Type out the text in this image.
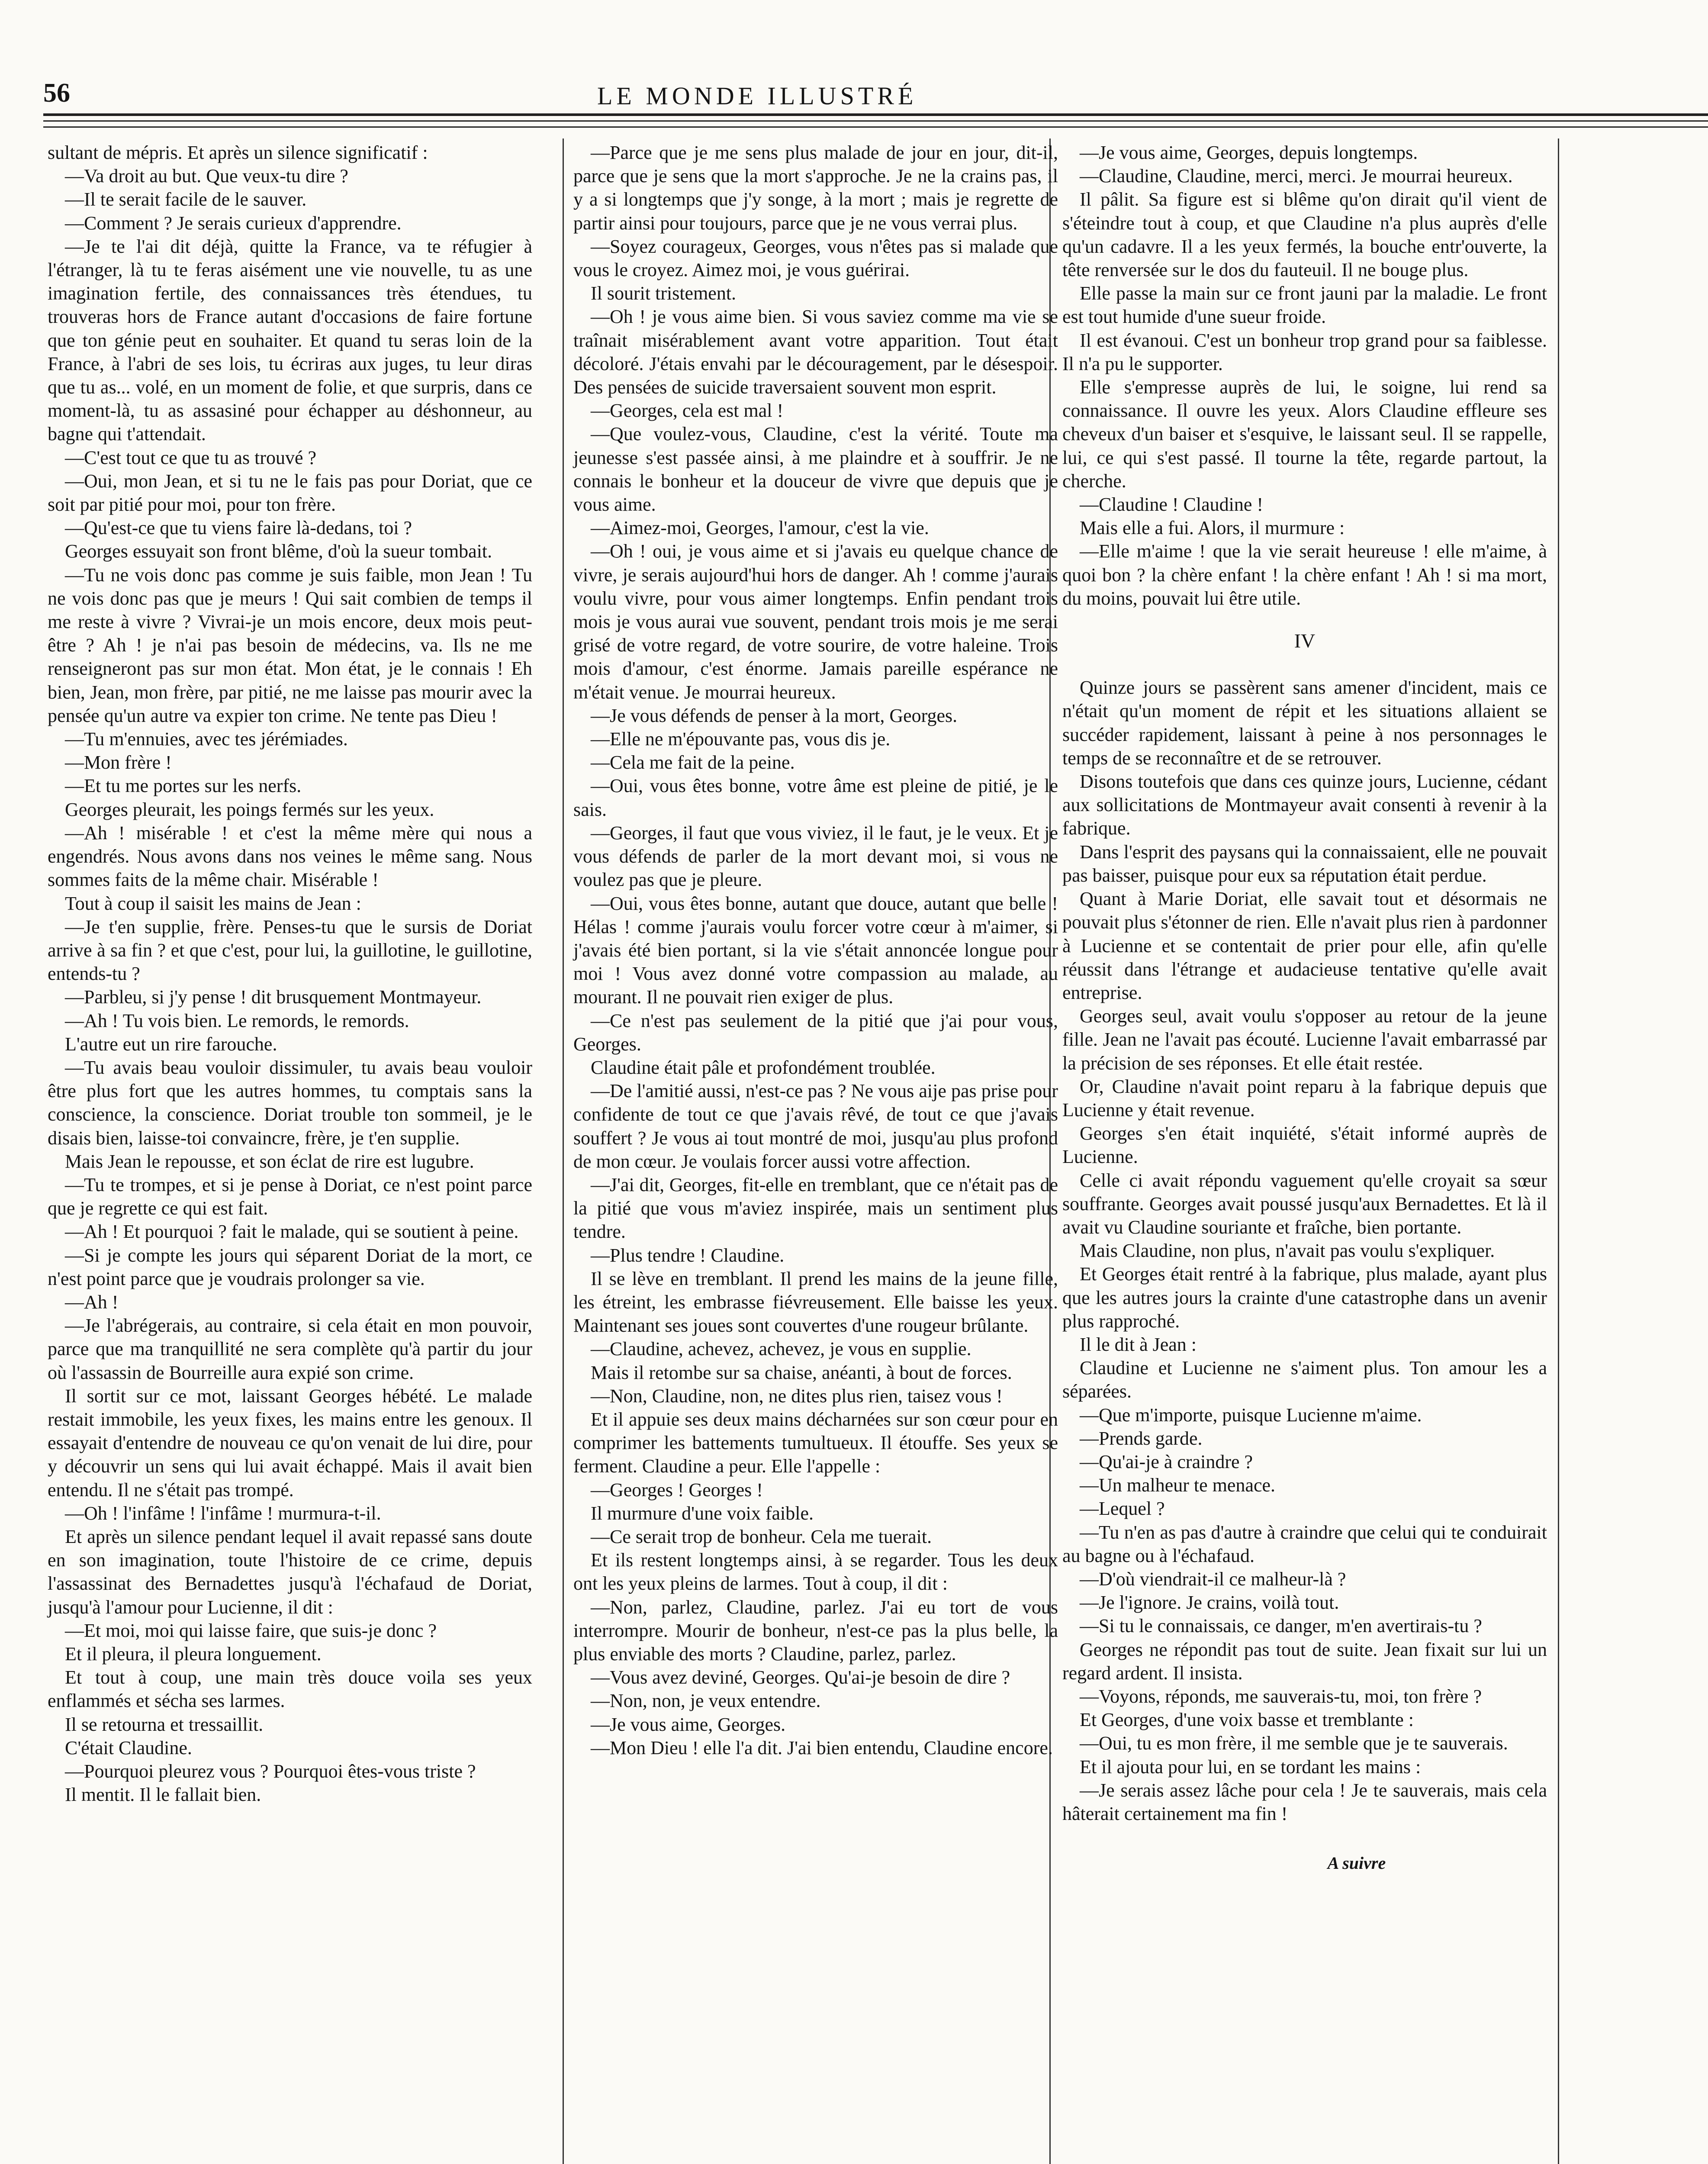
56	LE MONDE ILLUSTRÉ

sultant de mépris. Et après un silence significatif :

—Va droit au but. Que veux-tu dire ?

—Il te serait facile de le sauver.

—Comment ? Je serais curieux d'apprendre.

—Je te l'ai dit déjà, quitte la France, va te réfugier à l'étranger, là tu te feras aisément une vie nouvelle, tu as une imagination fertile, des connaissances très étendues, tu trouveras hors de France autant d'occasions de faire fortune que ton génie peut en souhaiter. Et quand tu seras loin de la France, à l'abri de ses lois, tu écriras aux juges, tu leur diras que tu as... volé, en un moment de folie, et que surpris, dans ce moment-là, tu as assasiné pour échapper au déshonneur, au bagne qui t'attendait.

—C'est tout ce que tu as trouvé ?

—Oui, mon Jean, et si tu ne le fais pas pour Doriat, que ce soit par pitié pour moi, pour ton frère.

—Qu'est-ce que tu viens faire là-dedans, toi ?

Georges essuyait son front blême, d'où la sueur tombait.

—Tu ne vois donc pas comme je suis faible, mon Jean ! Tu ne vois donc pas que je meurs ! Qui sait combien de temps il me reste à vivre ? Vivrai-je un mois encore, deux mois peut-être ? Ah ! je n'ai pas besoin de médecins, va. Ils ne me renseigneront pas sur mon état. Mon état, je le connais ! Eh bien, Jean, mon frère, par pitié, ne me laisse pas mourir avec la pensée qu'un autre va expier ton crime. Ne tente pas Dieu !

—Tu m'ennuies, avec tes jérémiades.

—Mon frère !

—Et tu me portes sur les nerfs.

Georges pleurait, les poings fermés sur les yeux.

—Ah ! misérable ! et c'est la même mère qui nous a engendrés. Nous avons dans nos veines le même sang. Nous sommes faits de la même chair. Misérable !

Tout à coup il saisit les mains de Jean :

—Je t'en supplie, frère. Penses-tu que le sursis de Doriat arrive à sa fin ? et que c'est, pour lui, la guillotine, le guillotine, entends-tu ?

—Parbleu, si j'y pense ! dit brusquement Montmayeur.

—Ah ! Tu vois bien. Le remords, le remords.

L'autre eut un rire farouche.

—Tu avais beau vouloir dissimuler, tu avais beau vouloir être plus fort que les autres hommes, tu comptais sans la conscience, la conscience. Doriat trouble ton sommeil, je le disais bien, laisse-toi convaincre, frère, je t'en supplie.

Mais Jean le repousse, et son éclat de rire est lugubre.

—Tu te trompes, et si je pense à Doriat, ce n'est point parce que je regrette ce qui est fait.

—Ah ! Et pourquoi ? fait le malade, qui se soutient à peine.

—Si je compte les jours qui séparent Doriat de la mort, ce n'est point parce que je voudrais prolonger sa vie.

—Ah !

—Je l'abrégerais, au contraire, si cela était en mon pouvoir, parce que ma tranquillité ne sera complète qu'à partir du jour où l'assassin de Bourreille aura expié son crime.

Il sortit sur ce mot, laissant Georges hébété. Le malade restait immobile, les yeux fixes, les mains entre les genoux. Il essayait d'entendre de nouveau ce qu'on venait de lui dire, pour y découvrir un sens qui lui avait échappé. Mais il avait bien entendu. Il ne s'était pas trompé.

—Oh ! l'infâme ! l'infâme ! murmura-t-il.

Et après un silence pendant lequel il avait repassé sans doute en son imagination, toute l'histoire de ce crime, depuis l'assassinat des Bernadettes jusqu'à l'échafaud de Doriat, jusqu'à l'amour pour Lucienne, il dit :

—Et moi, moi qui laisse faire, que suis-je donc ?

Et il pleura, il pleura longuement.

Et tout à coup, une main très douce voila ses yeux enflammés et sécha ses larmes.

Il se retourna et tressaillit.

C'était Claudine.

—Pourquoi pleurez vous ? Pourquoi êtes-vous triste ?

Il mentit. Il le fallait bien.

—Parce que je me sens plus malade de jour en jour, dit-il, parce que je sens que la mort s'approche. Je ne la crains pas, il y a si longtemps que j'y songe, à la mort ; mais je regrette de partir ainsi pour toujours, parce que je ne vous verrai plus.

—Soyez courageux, Georges, vous n'êtes pas si malade que vous le croyez. Aimez moi, je vous guérirai.

Il sourit tristement.

—Oh ! je vous aime bien. Si vous saviez comme ma vie se traînait misérablement avant votre apparition. Tout était décoloré. J'étais envahi par le découragement, par le désespoir. Des pensées de suicide traversaient souvent mon esprit.

—Georges, cela est mal !

—Que voulez-vous, Claudine, c'est la vérité. Toute ma jeunesse s'est passée ainsi, à me plaindre et à souffrir. Je ne connais le bonheur et la douceur de vivre que depuis que je vous aime.

—Aimez-moi, Georges, l'amour, c'est la vie.

—Oh ! oui, je vous aime et si j'avais eu quelque chance de vivre, je serais aujourd'hui hors de danger. Ah ! comme j'aurais voulu vivre, pour vous aimer longtemps. Enfin pendant trois mois je vous aurai vue souvent, pendant trois mois je me serai grisé de votre regard, de votre sourire, de votre haleine. Trois mois d'amour, c'est énorme. Jamais pareille espérance ne m'était venue. Je mourrai heureux.

—Je vous défends de penser à la mort, Georges.

—Elle ne m'épouvante pas, vous dis je.

—Cela me fait de la peine.

—Oui, vous êtes bonne, votre âme est pleine de pitié, je le sais.

—Georges, il faut que vous viviez, il le faut, je le veux. Et je vous défends de parler de la mort devant moi, si vous ne voulez pas que je pleure.

—Oui, vous êtes bonne, autant que douce, autant que belle ! Hélas ! comme j'aurais voulu forcer votre cœur à m'aimer, si j'avais été bien portant, si la vie s'était annoncée longue pour moi ! Vous avez donné votre compassion au malade, au mourant. Il ne pouvait rien exiger de plus.

—Ce n'est pas seulement de la pitié que j'ai pour vous, Georges.

Claudine était pâle et profondément troublée.

—De l'amitié aussi, n'est-ce pas ? Ne vous aije pas prise pour confidente de tout ce que j'avais rêvé, de tout ce que j'avais souffert ? Je vous ai tout montré de moi, jusqu'au plus profond de mon cœur. Je voulais forcer aussi votre affection.

—J'ai dit, Georges, fit-elle en tremblant, que ce n'était pas de la pitié que vous m'aviez inspirée, mais un sentiment plus tendre.

—Plus tendre ! Claudine.

Il se lève en tremblant. Il prend les mains de la jeune fille, les étreint, les embrasse fiévreusement. Elle baisse les yeux. Maintenant ses joues sont couvertes d'une rougeur brûlante.

—Claudine, achevez, achevez, je vous en supplie.

Mais il retombe sur sa chaise, anéanti, à bout de forces.

—Non, Claudine, non, ne dites plus rien, taisez vous !

Et il appuie ses deux mains décharnées sur son cœur pour en comprimer les battements tumultueux. Il étouffe. Ses yeux se ferment. Claudine a peur. Elle l'appelle :

—Georges ! Georges !

Il murmure d'une voix faible.

—Ce serait trop de bonheur. Cela me tuerait.

Et ils restent longtemps ainsi, à se regarder. Tous les deux ont les yeux pleins de larmes. Tout à coup, il dit :

—Non, parlez, Claudine, parlez. J'ai eu tort de vous interrompre. Mourir de bonheur, n'est-ce pas la plus belle, la plus enviable des morts ? Claudine, parlez, parlez.

—Vous avez deviné, Georges. Qu'ai-je besoin de dire ?

—Non, non, je veux entendre.

—Je vous aime, Georges.

—Mon Dieu ! elle l'a dit. J'ai bien entendu, Claudine encore.

—Je vous aime, Georges, depuis longtemps.

—Claudine, Claudine, merci, merci. Je mourrai heureux.

Il pâlit. Sa figure est si blême qu'on dirait qu'il vient de s'éteindre tout à coup, et que Claudine n'a plus auprès d'elle qu'un cadavre. Il a les yeux fermés, la bouche entr'ouverte, la tête renversée sur le dos du fauteuil. Il ne bouge plus.

Elle passe la main sur ce front jauni par la maladie. Le front est tout humide d'une sueur froide.

Il est évanoui. C'est un bonheur trop grand pour sa faiblesse. Il n'a pu le supporter.

Elle s'empresse auprès de lui, le soigne, lui rend sa connaissance. Il ouvre les yeux. Alors Claudine effleure ses cheveux d'un baiser et s'esquive, le laissant seul. Il se rappelle, lui, ce qui s'est passé. Il tourne la tête, regarde partout, la cherche.

—Claudine ! Claudine !

Mais elle a fui. Alors, il murmure :

—Elle m'aime ! que la vie serait heureuse ! elle m'aime, à quoi bon ? la chère enfant ! la chère enfant ! Ah ! si ma mort, du moins, pouvait lui être utile.

IV

Quinze jours se passèrent sans amener d'incident, mais ce n'était qu'un moment de répit et les situations allaient se succéder rapidement, laissant à peine à nos personnages le temps de se reconnaître et de se retrouver.

Disons toutefois que dans ces quinze jours, Lucienne, cédant aux sollicitations de Montmayeur avait consenti à revenir à la fabrique.

Dans l'esprit des paysans qui la connaissaient, elle ne pouvait pas baisser, puisque pour eux sa réputation était perdue.

Quant à Marie Doriat, elle savait tout et désormais ne pouvait plus s'étonner de rien. Elle n'avait plus rien à pardonner à Lucienne et se contentait de prier pour elle, afin qu'elle réussit dans l'étrange et audacieuse tentative qu'elle avait entreprise.

Georges seul, avait voulu s'opposer au retour de la jeune fille. Jean ne l'avait pas écouté. Lucienne l'avait embarrassé par la précision de ses réponses. Et elle était restée.

Or, Claudine n'avait point reparu à la fabrique depuis que Lucienne y était revenue.

Georges s'en était inquiété, s'était informé auprès de Lucienne.

Celle ci avait répondu vaguement qu'elle croyait sa sœur souffrante. Georges avait poussé jusqu'aux Bernadettes. Et là il avait vu Claudine souriante et fraîche, bien portante.

Mais Claudine, non plus, n'avait pas voulu s'expliquer.

Et Georges était rentré à la fabrique, plus malade, ayant plus que les autres jours la crainte d'une catastrophe dans un avenir plus rapproché.

Il le dit à Jean :

Claudine et Lucienne ne s'aiment plus. Ton amour les a séparées.

—Que m'importe, puisque Lucienne m'aime.

—Prends garde.

—Qu'ai-je à craindre ?

—Un malheur te menace.

—Lequel ?

—Tu n'en as pas d'autre à craindre que celui qui te conduirait au bagne ou à l'échafaud.

—D'où viendrait-il ce malheur-là ?

—Je l'ignore. Je crains, voilà tout.

—Si tu le connaissais, ce danger, m'en avertirais-tu ?

Georges ne répondit pas tout de suite. Jean fixait sur lui un regard ardent. Il insista.

—Voyons, réponds, me sauverais-tu, moi, ton frère ?

Et Georges, d'une voix basse et tremblante :

—Oui, tu es mon frère, il me semble que je te sauverais.

Et il ajouta pour lui, en se tordant les mains :

—Je serais assez lâche pour cela ! Je te sauverais, mais cela hâterait certainement ma fin !

A suivre
